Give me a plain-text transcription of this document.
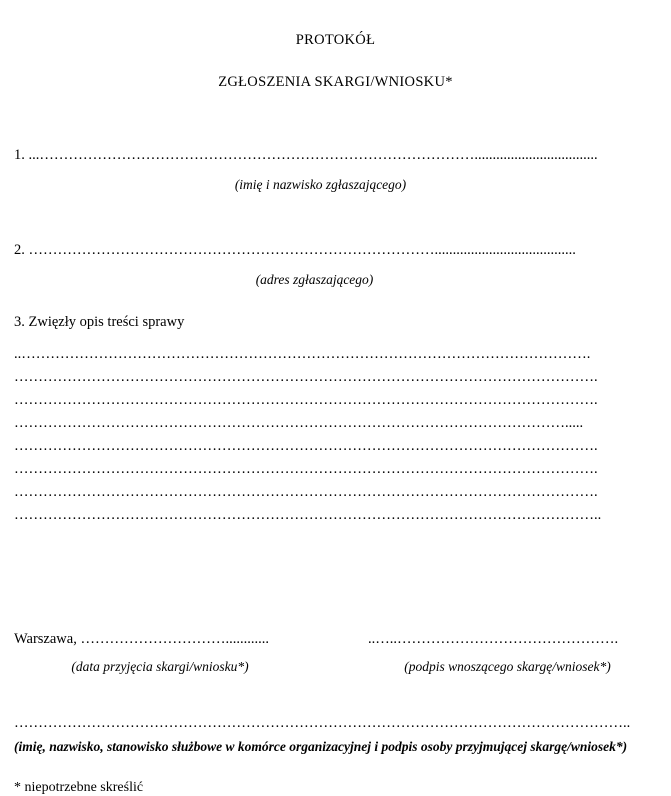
PROTOKÓŁ
ZGŁOSZENIA SKARGI/WNIOSKU*
1. ...………………………………………………………………………………..................................
(imię i nazwisko zgłaszającego)
2. ………………………………………………………………………….......................................
(adres zgłaszającego)
3. Zwięzły opis treści sprawy
..……………………………………………………………………………………………………….
………………………………………………………………………………………………………….
………………………………………………………………………………………………………….
…………………………………………………………………………………………………….....
………………………………………………………………………………………………………….
………………………………………………………………………………………………………….
………………………………………………………………………………………………………….
…………………………………………………………………………………………………………..
Warszawa, …………………………............	..…..……………………………………….
(data przyjęcia skargi/wniosku*)	(podpis wnoszącego skargę/wniosek*)
………………………………………………………………………………………………………………..
(imię, nazwisko, stanowisko służbowe w komórce organizacyjnej i podpis osoby przyjmującej skargę/wniosek*)
* niepotrzebne skreślić
